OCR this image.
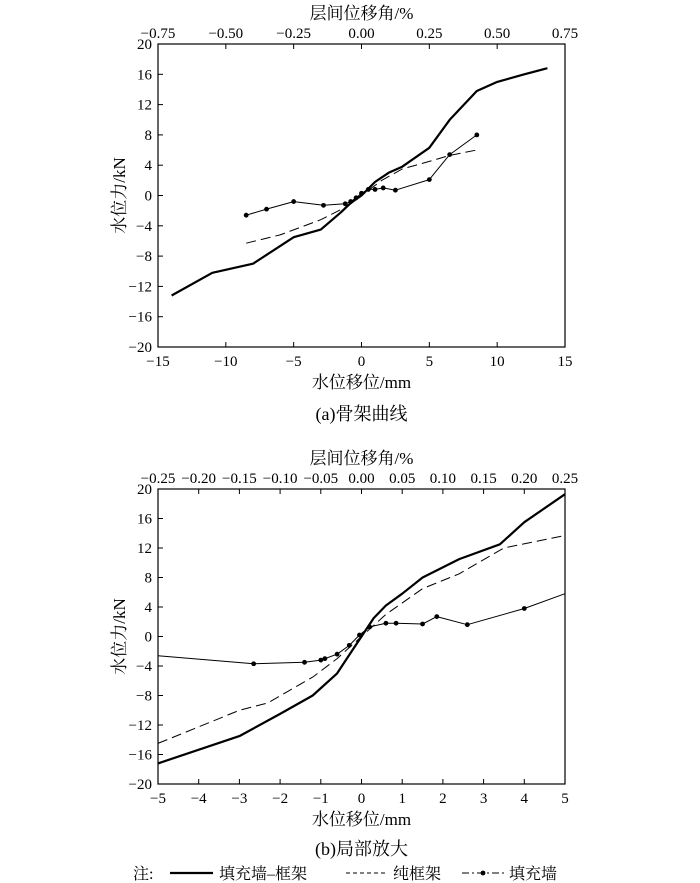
−15	−10	−5	0	5	10	15
−0.75 −0.50 −0.25 0.00	0.25	0.50	0.75
−20
−16
−12
−8
−4
0
4
8
12
16
20
层间位移角/%
水位移位/mm
水位力/kN
(a)骨架曲线
−5 −4 −3 −2 −1 0 1 2 3 4 5
−0.25 −0.20 −0.15 −0.10 −0.05 0.00 0.05 0.10 0.15 0.20 0.25
−20
−16
−12
−8
−4
0
4
8
12
16
20
层间位移角/%
水位移位/mm
水位力/kN
(b)局部放大
注:	填充墙–框架	纯框架	填充墙
